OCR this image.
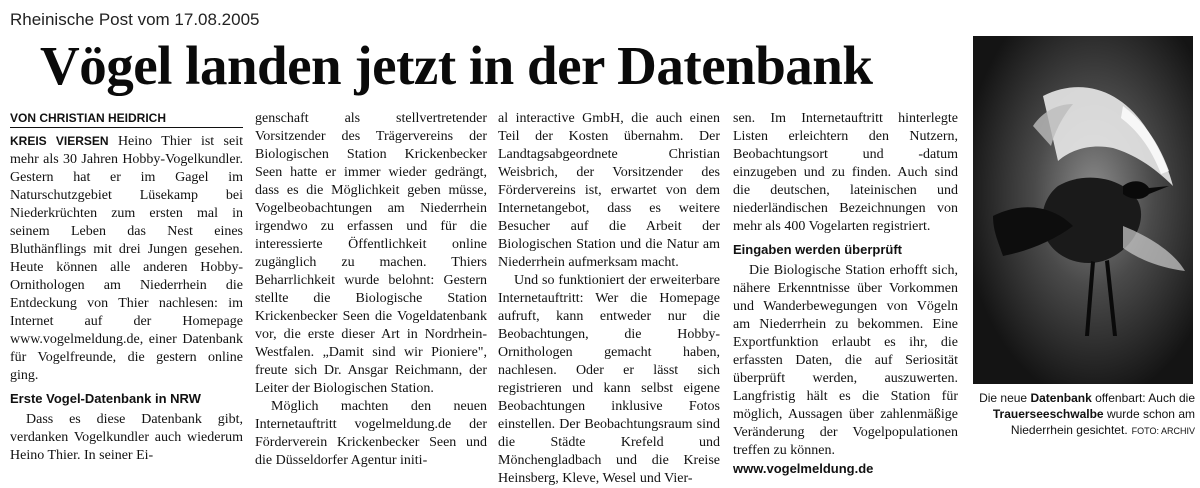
Rheinische Post vom 17.08.2005
Vögel landen jetzt in der Datenbank
VON CHRISTIAN HEIDRICH

KREIS VIERSEN Heino Thier ist seit mehr als 30 Jahren Hobby-Vogelkundler. Gestern hat er im Gagel im Naturschutzgebiet Lüsekamp bei Niederkrüchten zum ersten mal in seinem Leben das Nest eines Bluthänflings mit drei Jungen gesehen. Heute können alle anderen Hobby-Ornithologen am Niederrhein die Entdeckung von Thier nachlesen: im Internet auf der Homepage www.vogelmeldung.de, einer Datenbank für Vogelfreunde, die gestern online ging.

Erste Vogel-Datenbank in NRW

Dass es diese Datenbank gibt, verdanken Vogelkundler auch wiederum Heino Thier. In seiner Ei-

genschaft als stellvertretender Vorsitzender des Trägervereins der Biologischen Station Krickenbecker Seen hatte er immer wieder gedrängt, dass es die Möglichkeit geben müsse, Vogelbeobachtungen am Niederrhein irgendwo zu erfassen und für die interessierte Öffentlichkeit online zugänglich zu machen. Thiers Beharrlichkeit wurde belohnt: Gestern stellte die Biologische Station Krickenbecker Seen die Vogeldatenbank vor, die erste dieser Art in Nordrhein-Westfalen. „Damit sind wir Pioniere", freute sich Dr. Ansgar Reichmann, der Leiter der Biologischen Station.

Möglich machten den neuen Internetauftritt vogelmeldung.de der Förderverein Krickenbecker Seen und die Düsseldorfer Agentur initi-

al interactive GmbH, die auch einen Teil der Kosten übernahm. Der Landtagsabgeordnete Christian Weisbrich, der Vorsitzender des Fördervereins ist, erwartet von dem Internetangebot, dass es weitere Besucher auf die Arbeit der Biologischen Station und die Natur am Niederrhein aufmerksam macht.

Und so funktioniert der erweiterbare Internetauftritt: Wer die Homepage aufruft, kann entweder nur die Beobachtungen, die Hobby-Ornithologen gemacht haben, nachlesen. Oder er lässt sich registrieren und kann selbst eigene Beobachtungen inklusive Fotos einstellen. Der Beobachtungsraum sind die Städte Krefeld und Mönchengladbach und die Kreise Heinsberg, Kleve, Wesel und Vier-

sen. Im Internetauftritt hinterlegte Listen erleichtern den Nutzern, Beobachtungsort und -datum einzugeben und zu finden. Auch sind die deutschen, lateinischen und niederländischen Bezeichnungen von mehr als 400 Vogelarten registriert.

Eingaben werden überprüft

Die Biologische Station erhofft sich, nähere Erkenntnisse über Vorkommen und Wanderbewegungen von Vögeln am Niederrhein zu bekommen. Eine Exportfunktion erlaubt es ihr, die erfassten Daten, die auf Seriosität überprüft werden, auszuwerten. Langfristig hält es die Station für möglich, Aussagen über zahlenmäßige Veränderung der Vogelpopulationen treffen zu können.

www.vogelmeldung.de
Die neue Datenbank offenbart: Auch die Trauerseeschwalbe wurde schon am Niederrhein gesichtet. FOTO: ARCHIV
